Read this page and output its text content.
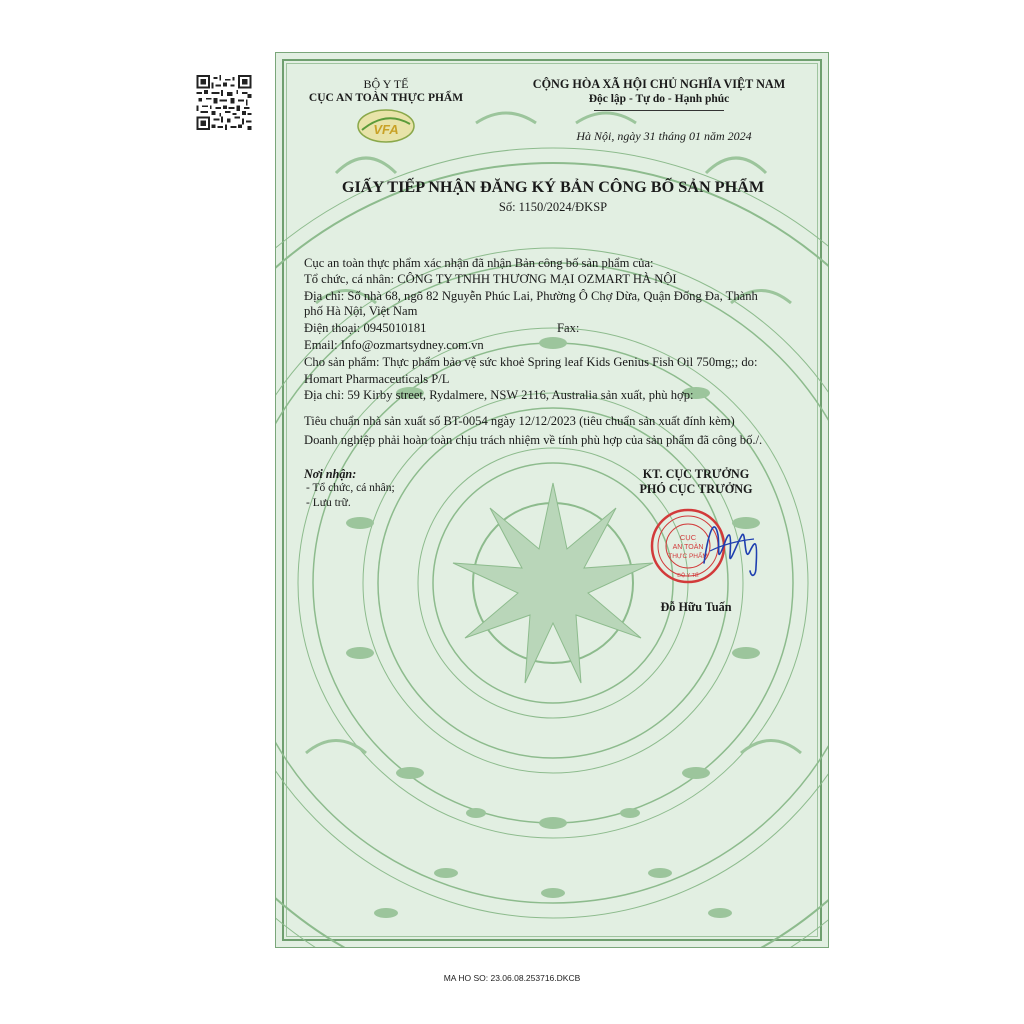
BỘ Y TẾ
CỤC AN TOÀN THỰC PHẨM
VFA
CỘNG HÒA XÃ HỘI CHỦ NGHĨA VIỆT NAM
Độc lập - Tự do - Hạnh phúc
Hà Nội, ngày 31 tháng 01 năm 2024
GIẤY TIẾP NHẬN ĐĂNG KÝ BẢN CÔNG BỐ SẢN PHẨM
Số: 1150/2024/ĐKSP
Cục an toàn thực phẩm xác nhận đã nhận Bản công bố sản phẩm của:
Tổ chức, cá nhân: CÔNG TY TNHH THƯƠNG MẠI OZMART HÀ NỘI
Địa chỉ: Số nhà 68, ngõ 82 Nguyễn Phúc Lai, Phường Ô Chợ Dừa, Quận Đống Đa, Thành
phố Hà Nội, Việt Nam
Điện thoại: 0945010181	Fax:
Email: Info@ozmartsydney.com.vn
Cho sản phẩm: Thực phẩm bảo vệ sức khoẻ Spring leaf Kids Genius Fish Oil 750mg;; do:
Homart Pharmaceuticals P/L
Địa chỉ: 59 Kirby street, Rydalmere, NSW 2116, Australia sản xuất, phù hợp:
Tiêu chuẩn nhà sản xuất số BT-0054 ngày 12/12/2023 (tiêu chuẩn sản xuất đính kèm)
Doanh nghiệp phải hoàn toàn chịu trách nhiệm về tính phù hợp của sản phẩm đã công bố./.
Nơi nhận:
- Tổ chức, cá nhân;
- Lưu trữ.
KT. CỤC TRƯỞNG
PHÓ CỤC TRƯỞNG
CỤC
AN TOÀN
THỰC PHẨM
BỘ Y TẾ
Đỗ Hữu Tuấn
MA HO SO: 23.06.08.253716.DKCB
